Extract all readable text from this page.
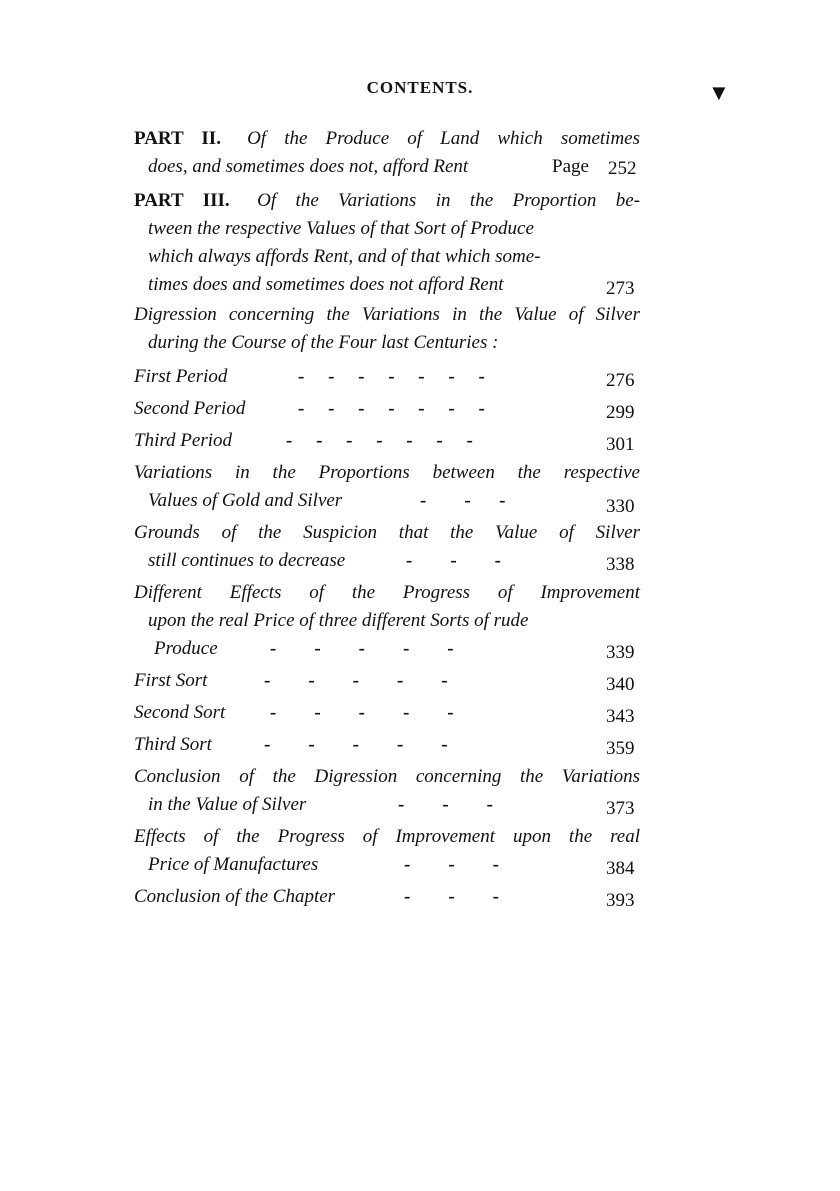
CONTENTS.	▼
PART II. Of the Produce of Land which sometimes
does, and sometimes does not, afford Rent	Page 252
PART III. Of the Variations in the Proportion be-
tween the respective Values of that Sort of Produce
which always affords Rent, and of that which some-
times does and sometimes does not afford Rent	273
Digression concerning the Variations in the Value of Silver
during the Course of the Four last Centuries :
First Period	-     -     -     -     -     -     -	276
Second Period	-     -     -     -     -     -     -	299
Third Period	-     -     -     -     -     -     -	301
Variations in the Proportions between the respective
Values of Gold and Silver	-        -      -	330
Grounds of the Suspicion that the Value of Silver
still continues to decrease	-        -        -	338
Different Effects of the Progress of Improvement
upon the real Price of three different Sorts of rude
Produce	-        -        -        -        -	339
First Sort	-        -        -        -        -	340
Second Sort -        -        -        -        -	343
Third Sort	-        -        -        -        -	359
Conclusion of the Digression concerning the Variations
in the Value of Silver	-        -        -	373
Effects of the Progress of Improvement upon the real
Price of Manufactures	-        -        -	384
Conclusion of the Chapter	-        -        -	393
